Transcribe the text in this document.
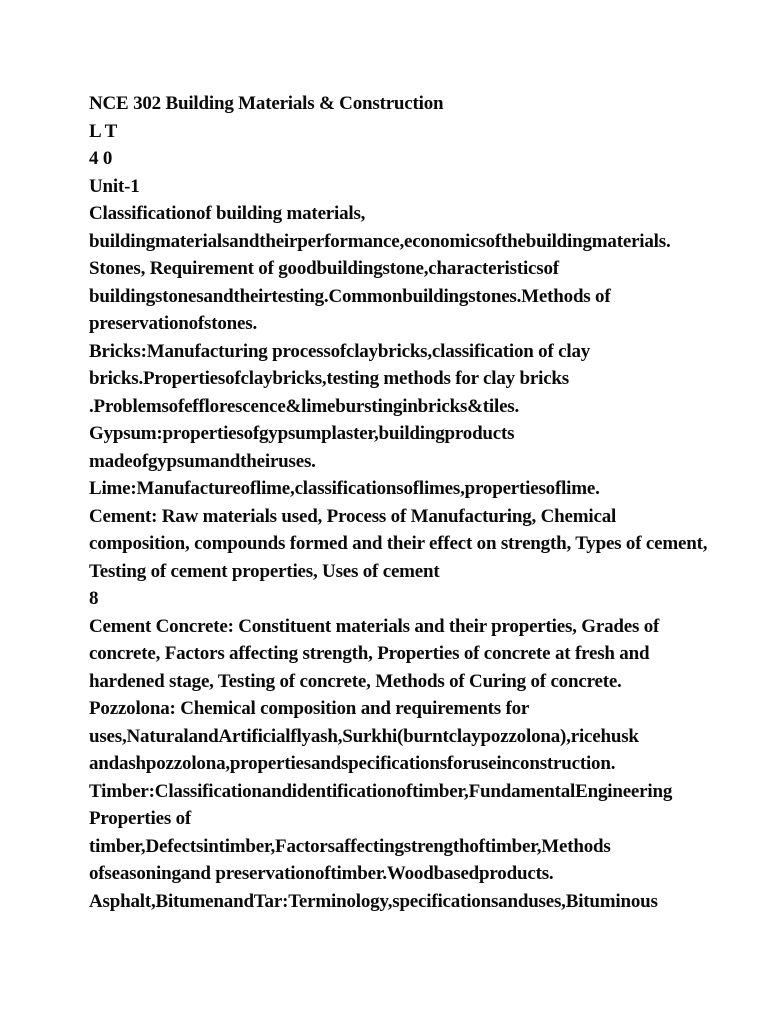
NCE 302 Building Materials & Construction
L T
4 0
Unit-1
Classificationof building materials,
buildingmaterialsandtheirperformance,economicsofthebuildingmaterials.
Stones, Requirement of goodbuildingstone,characteristicsof
buildingstonesandtheirtesting.Commonbuildingstones.Methods of
preservationofstones.
Bricks:Manufacturing processofclaybricks,classification of clay
bricks.Propertiesofclaybricks,testing methods for clay bricks
.Problemsofefflorescence&limeburstinginbricks&tiles.
Gypsum:propertiesofgypsumplaster,buildingproducts
madeofgypsumandtheiruses.
Lime:Manufactureoflime,classificationsoflimes,propertiesoflime.
Cement: Raw materials used, Process of Manufacturing, Chemical
composition, compounds formed and their effect on strength, Types of cement,
Testing of cement properties, Uses of cement
8
Cement Concrete: Constituent materials and their properties, Grades of
concrete, Factors affecting strength, Properties of concrete at fresh and
hardened stage, Testing of concrete, Methods of Curing of concrete.
Pozzolona: Chemical composition and requirements for
uses,NaturalandArtificialflyash,Surkhi(burntclaypozzolona),ricehusk
andashpozzolona,propertiesandspecificationsforuseinconstruction.
Timber:Classificationandidentificationoftimber,FundamentalEngineering
Properties of
timber,Defectsintimber,Factorsaffectingstrengthoftimber,Methods
ofseasoningand preservationoftimber.Woodbasedproducts.
Asphalt,BitumenandTar:Terminology,specificationsanduses,Bituminous
